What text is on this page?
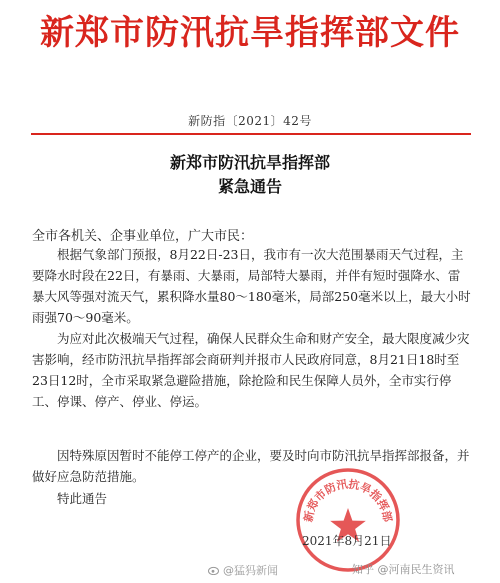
新郑市防汛抗旱指挥部文件
新防指〔2021〕42号
新郑市防汛抗旱指挥部
紧急通告
全市各机关、企事业单位，广大市民：

根据气象部门预报，8月22日-23日，我市有一次大范围暴雨天气过程，主要降水时段在22日，有暴雨、大暴雨，局部特大暴雨，并伴有短时强降水、雷暴大风等强对流天气，累积降水量80～180毫米，局部250毫米以上，最大小时雨强70～90毫米。

为应对此次极端天气过程，确保人民群众生命和财产安全，最大限度减少灾害影响，经市防汛抗旱指挥部会商研判并报市人民政府同意，8月21日18时至23日12时，全市采取紧急避险措施，除抢险和民生保障人员外，全市实行停工、停课、停产、停业、停运。

因特殊原因暂时不能停工停产的企业，要及时向市防汛抗旱指挥部报备，并做好应急防范措施。

特此通告
新郑市防汛抗旱指挥部
2021年8月21日
@猛犸新闻	知乎 @河南民生资讯
